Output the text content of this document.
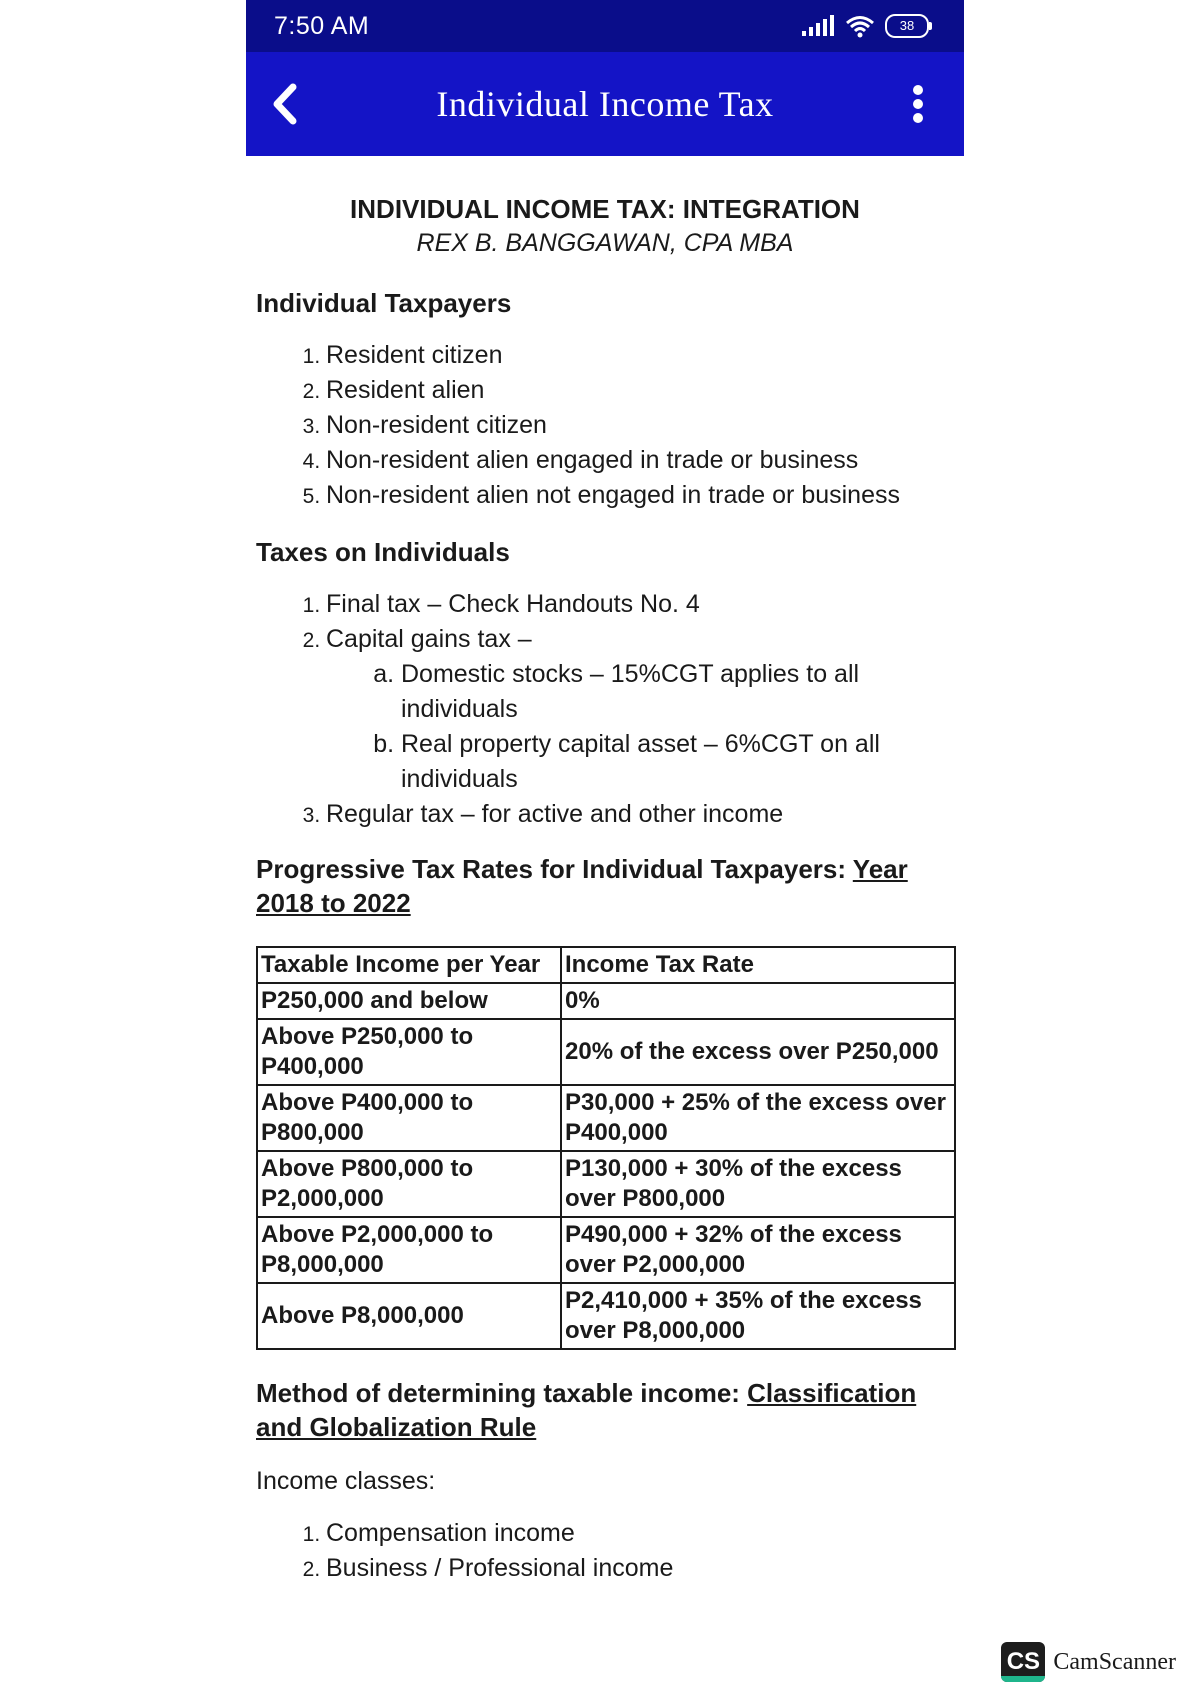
7:50 AM	38
Individual Income Tax

INDIVIDUAL INCOME TAX: INTEGRATION

REX B. BANGGAWAN, CPA MBA

Individual Taxpayers

1. Resident citizen
2. Resident alien
3. Non-resident citizen
4. Non-resident alien engaged in trade or business
5. Non-resident alien not engaged in trade or business

Taxes on Individuals

1. Final tax – Check Handouts No. 4
2. Capital gains tax –
a. Domestic stocks – 15%CGT applies to all individuals
b. Real property capital asset – 6%CGT on all individuals
3. Regular tax – for active and other income

Progressive Tax Rates for Individual Taxpayers: Year 2018 to 2022

Taxable Income per Year	Income Tax Rate
P250,000 and below	0%
Above P250,000 to P400,000	20% of the excess over P250,000
Above P400,000 to P800,000	P30,000 + 25% of the excess over P400,000
Above P800,000 to P2,000,000	P130,000 + 30% of the excess over P800,000
Above P2,000,000 to P8,000,000	P490,000 + 32% of the excess over P2,000,000
Above P8,000,000	P2,410,000 + 35% of the excess over P8,000,000

Method of determining taxable income: Classification and Globalization Rule

Income classes:

1. Compensation income
2. Business / Professional income
CS CamScanner
